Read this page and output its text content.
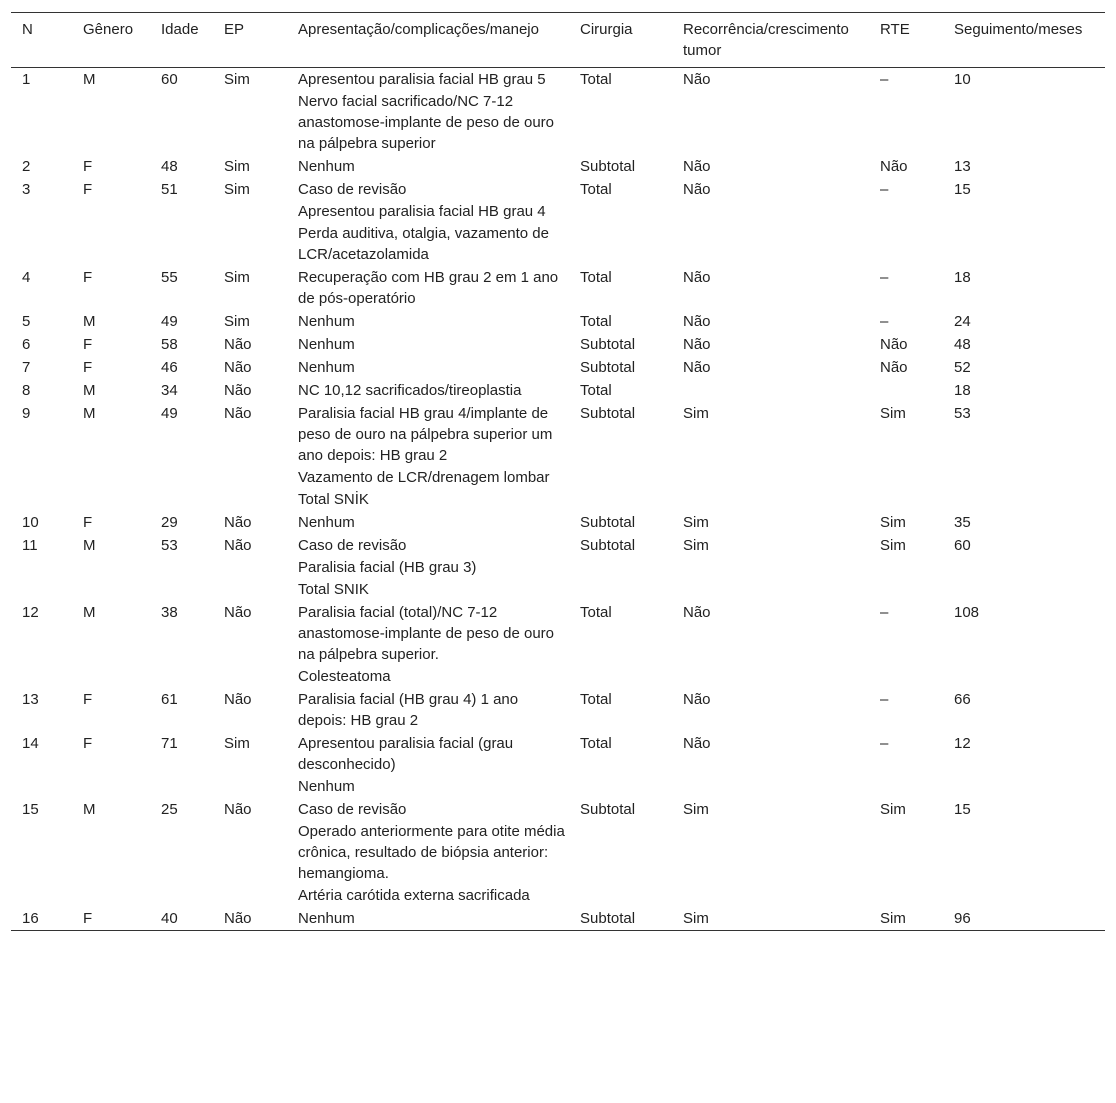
N	Gênero	Idade	EP	Apresentação/complicações/manejo	Cirurgia	Recorrência/crescimento tumor	RTE	Seguimento/meses
1	M	60	Sim	Apresentou paralisia facial HB grau 5
Nervo facial sacrificado/NC 7-12 anastomose-implante de peso de ouro na pálpebra superior	Total	Não	–	10
2	F	48	Sim	Nenhum	Subtotal	Não	Não	13
3	F	51	Sim	Caso de revisão
Apresentou paralisia facial HB grau 4
Perda auditiva, otalgia, vazamento de LCR/acetazolamida	Total	Não	–	15
4	F	55	Sim	Recuperação com HB grau 2 em 1 ano de pós-operatório	Total	Não	–	18
5	M	49	Sim	Nenhum	Total	Não	–	24
6	F	58	Não	Nenhum	Subtotal	Não	Não	48
7	F	46	Não	Nenhum	Subtotal	Não	Não	52
8	M	34	Não	NC 10,12 sacrificados/tireoplastia	Total			18
9	M	49	Não	Paralisia facial HB grau 4/implante de peso de ouro na pálpebra superior um ano depois: HB grau 2
Vazamento de LCR/drenagem lombar
Total SNİK	Subtotal	Sim	Sim	53
10	F	29	Não	Nenhum	Subtotal	Sim	Sim	35
11	M	53	Não	Caso de revisão
Paralisia facial (HB grau 3)
Total SNIK	Subtotal	Sim	Sim	60
12	M	38	Não	Paralisia facial (total)/NC 7-12 anastomose-implante de peso de ouro na pálpebra superior.
Colesteatoma	Total	Não	–	108
13	F	61	Não	Paralisia facial (HB grau 4) 1 ano depois: HB grau 2	Total	Não	–	66
14	F	71	Sim	Apresentou paralisia facial (grau desconhecido)
Nenhum	Total	Não	–	12
15	M	25	Não	Caso de revisão
Operado anteriormente para otite média crônica, resultado de biópsia anterior: hemangioma.
Artéria carótida externa sacrificada	Subtotal	Sim	Sim	15
16	F	40	Não	Nenhum	Subtotal	Sim	Sim	96
